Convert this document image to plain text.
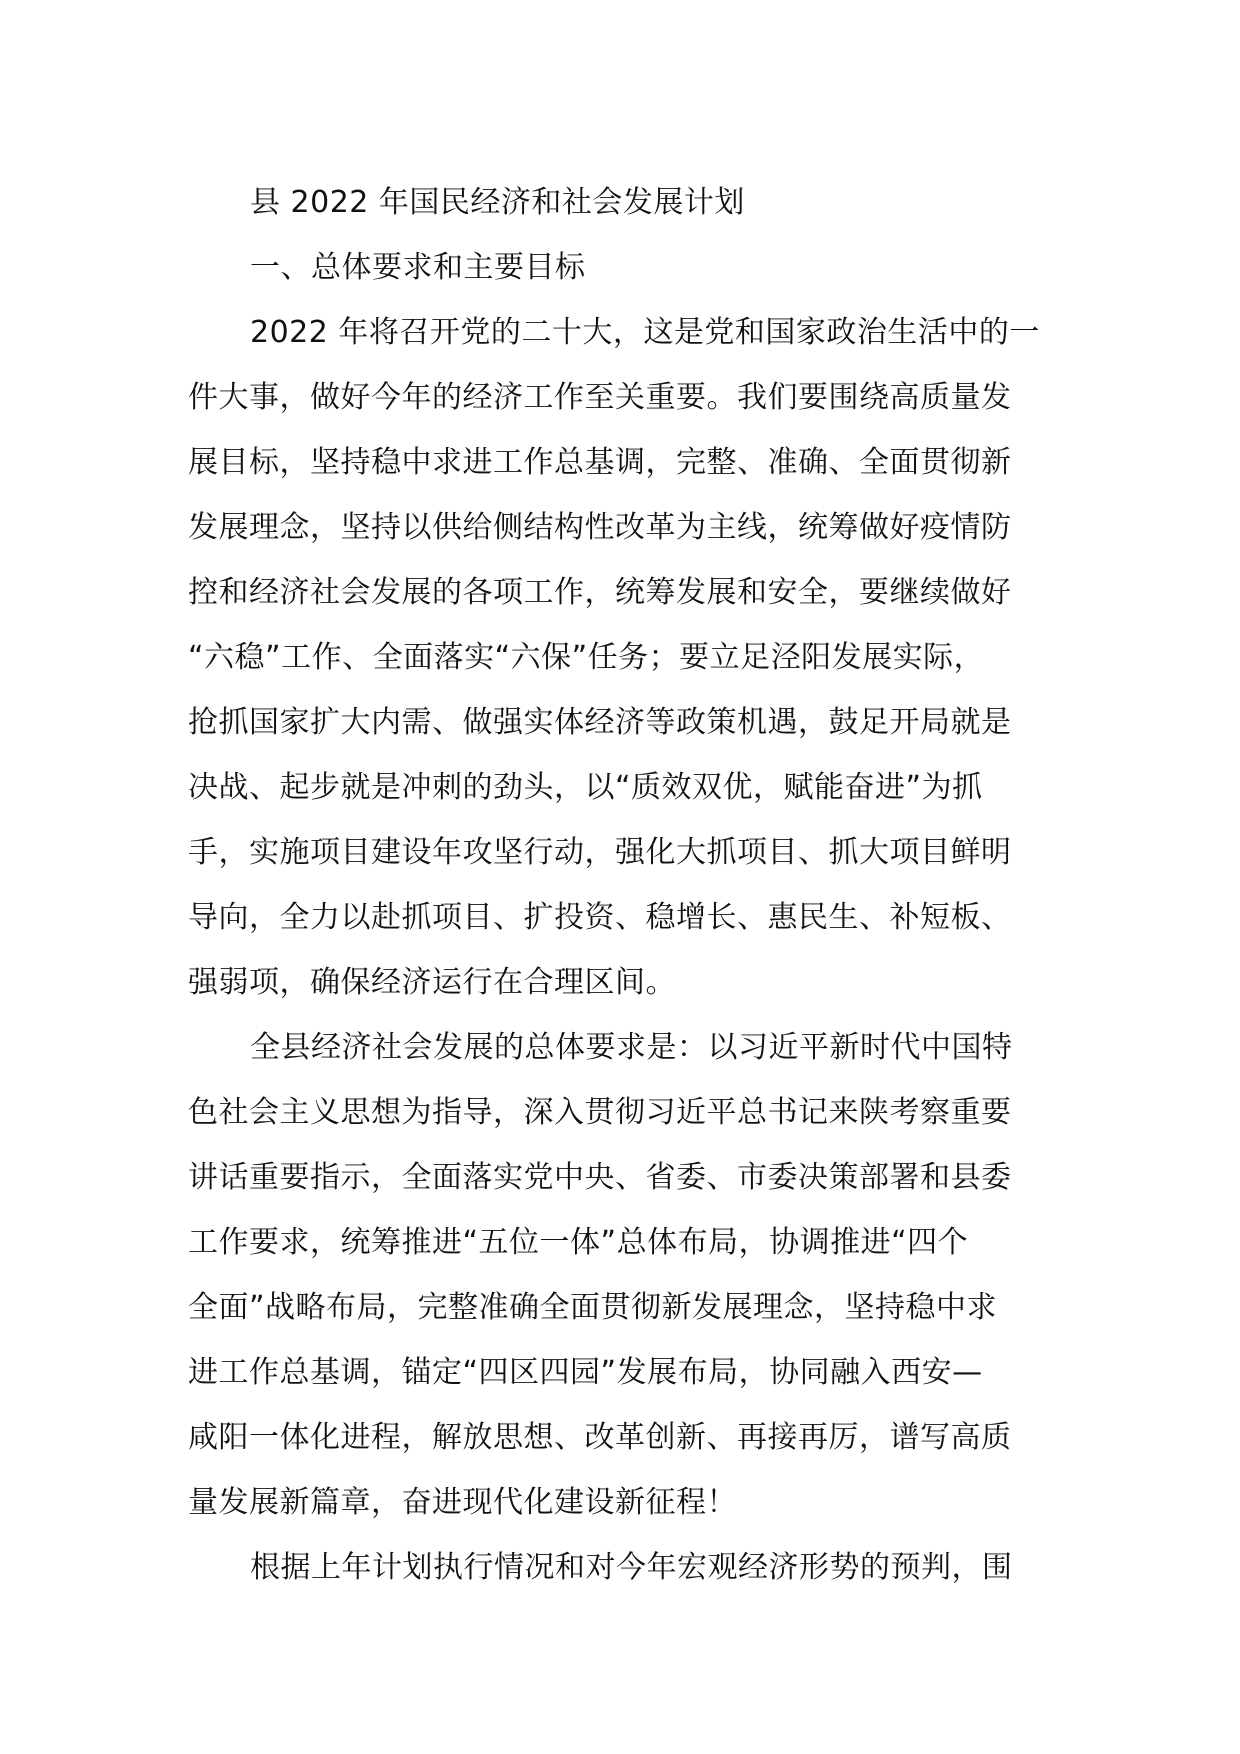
县 2022 年国民经济和社会发展计划
一、总体要求和主要目标
2022 年将召开党的二十大，这是党和国家政治生活中的一
件大事，做好今年的经济工作至关重要。我们要围绕高质量发
展目标，坚持稳中求进工作总基调，完整、准确、全面贯彻新
发展理念，坚持以供给侧结构性改革为主线，统筹做好疫情防
控和经济社会发展的各项工作，统筹发展和安全，要继续做好
“六稳”工作、全面落实“六保”任务；要立足泾阳发展实际，
抢抓国家扩大内需、做强实体经济等政策机遇，鼓足开局就是
决战、起步就是冲刺的劲头，以“质效双优，赋能奋进”为抓
手，实施项目建设年攻坚行动，强化大抓项目、抓大项目鲜明
导向，全力以赴抓项目、扩投资、稳增长、惠民生、补短板、
强弱项，确保经济运行在合理区间。
全县经济社会发展的总体要求是：以习近平新时代中国特
色社会主义思想为指导，深入贯彻习近平总书记来陕考察重要
讲话重要指示，全面落实党中央、省委、市委决策部署和县委
工作要求，统筹推进“五位一体”总体布局，协调推进“四个
全面”战略布局，完整准确全面贯彻新发展理念，坚持稳中求
进工作总基调，锚定“四区四园”发展布局，协同融入西安—
咸阳一体化进程，解放思想、改革创新、再接再厉，谱写高质
量发展新篇章，奋进现代化建设新征程！
根据上年计划执行情况和对今年宏观经济形势的预判，围
